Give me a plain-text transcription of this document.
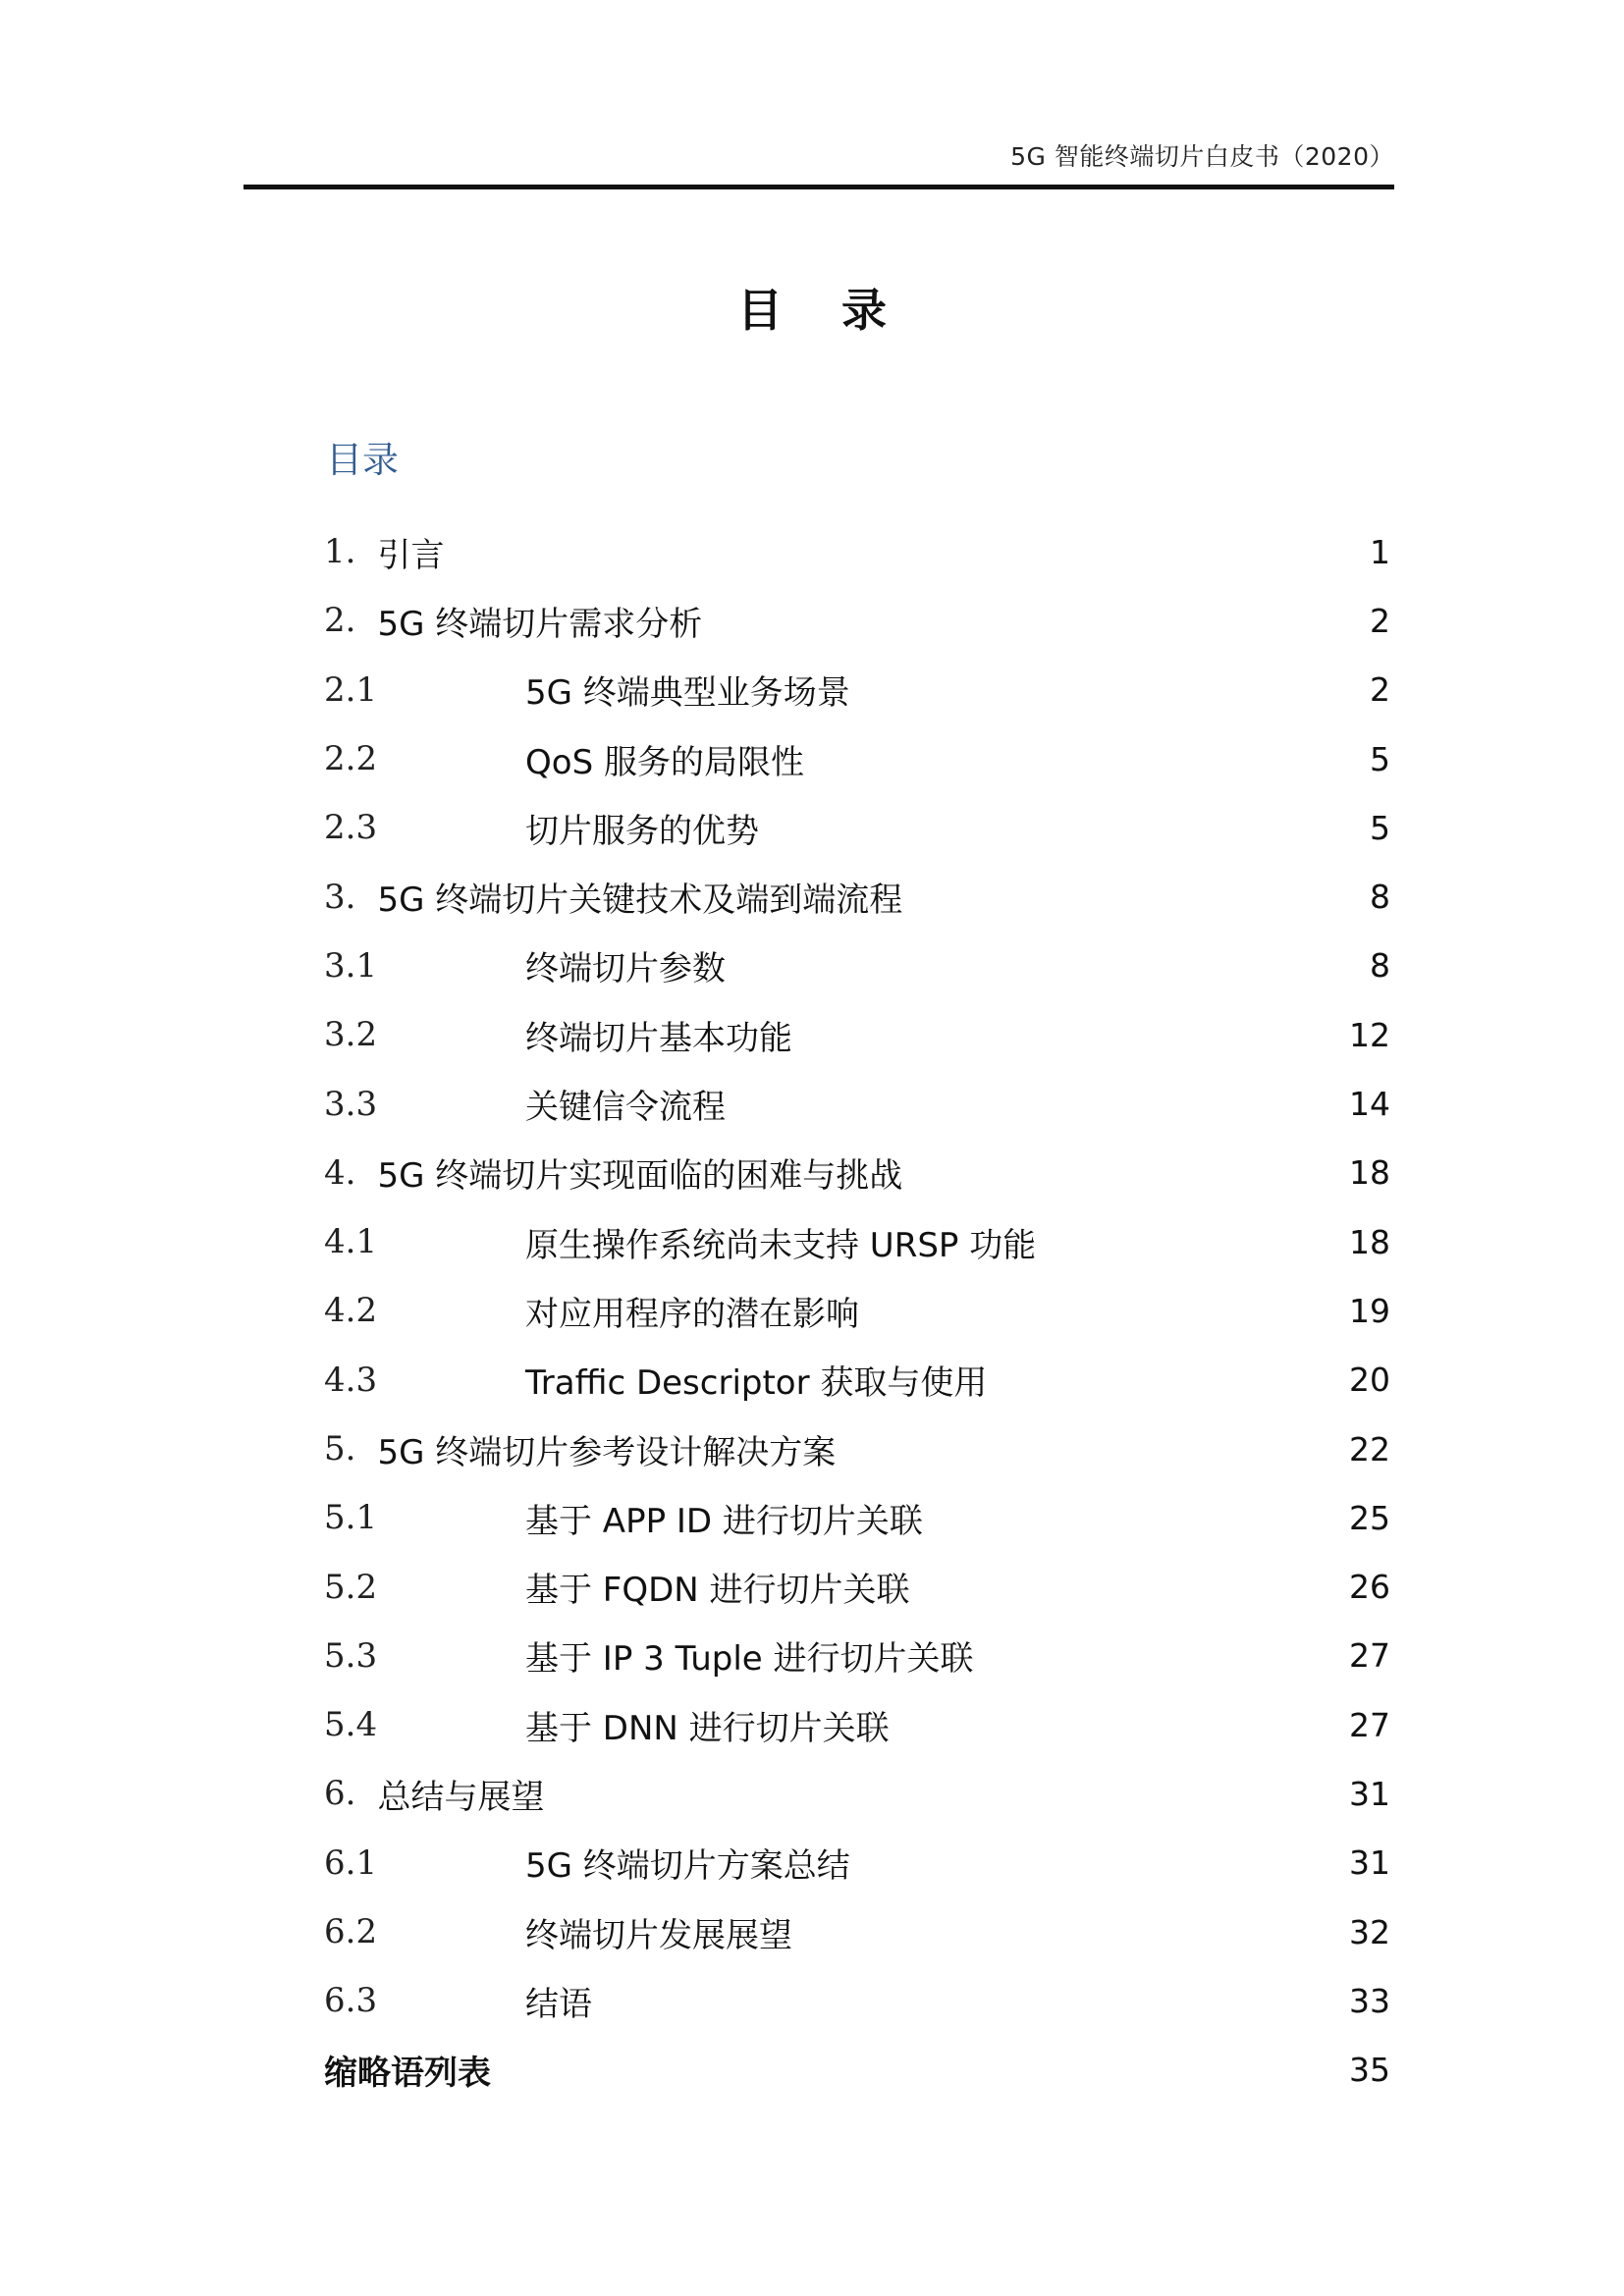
5G 智能终端切片白皮书（2020）
目 录
目录
1. 引言	1
2. 5G 终端切片需求分析	2
2.1	5G 终端典型业务场景	2
2.2	QoS 服务的局限性	5
2.3	切片服务的优势	5
3. 5G 终端切片关键技术及端到端流程	8
3.1	终端切片参数	8
3.2	终端切片基本功能	12
3.3	关键信令流程	14
4. 5G 终端切片实现面临的困难与挑战	18
4.1	原生操作系统尚未支持 URSP 功能	18
4.2	对应用程序的潜在影响	19
4.3	Traffic Descriptor 获取与使用	20
5. 5G 终端切片参考设计解决方案	22
5.1	基于 APP ID 进行切片关联	25
5.2	基于 FQDN 进行切片关联	26
5.3	基于 IP 3 Tuple 进行切片关联	27
5.4	基于 DNN 进行切片关联	27
6. 总结与展望	31
6.1	5G 终端切片方案总结	31
6.2	终端切片发展展望	32
6.3	结语	33
缩略语列表	35
